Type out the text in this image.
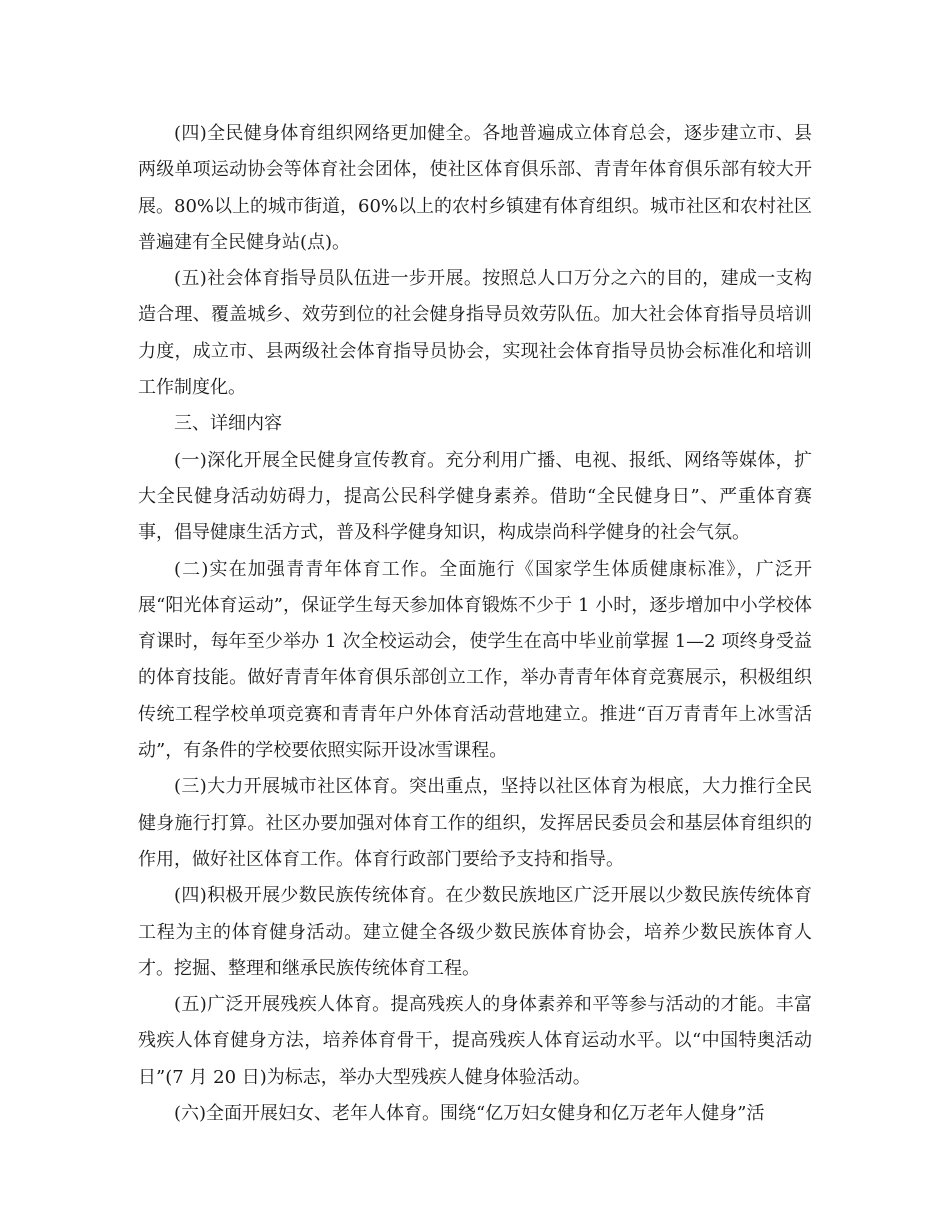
(四)全民健身体育组织网络更加健全。各地普遍成立体育总会，逐步建立市、县两级单项运动协会等体育社会团体，使社区体育俱乐部、青青年体育俱乐部有较大开展。80%以上的城市街道，60%以上的农村乡镇建有体育组织。城市社区和农村社区普遍建有全民健身站(点)。

(五)社会体育指导员队伍进一步开展。按照总人口万分之六的目的，建成一支构造合理、覆盖城乡、效劳到位的社会健身指导员效劳队伍。加大社会体育指导员培训力度，成立市、县两级社会体育指导员协会，实现社会体育指导员协会标准化和培训工作制度化。

三、详细内容

(一)深化开展全民健身宣传教育。充分利用广播、电视、报纸、网络等媒体，扩大全民健身活动妨碍力，提高公民科学健身素养。借助“全民健身日”、严重体育赛事，倡导健康生活方式，普及科学健身知识，构成崇尚科学健身的社会气氛。

(二)实在加强青青年体育工作。全面施行《国家学生体质健康标准》，广泛开展“阳光体育运动”，保证学生每天参加体育锻炼不少于 1 小时，逐步增加中小学校体育课时，每年至少举办 1 次全校运动会，使学生在高中毕业前掌握 1—2 项终身受益的体育技能。做好青青年体育俱乐部创立工作，举办青青年体育竞赛展示，积极组织传统工程学校单项竞赛和青青年户外体育活动营地建立。推进“百万青青年上冰雪活动”，有条件的学校要依照实际开设冰雪课程。

(三)大力开展城市社区体育。突出重点，坚持以社区体育为根底，大力推行全民健身施行打算。社区办要加强对体育工作的组织，发挥居民委员会和基层体育组织的作用，做好社区体育工作。体育行政部门要给予支持和指导。

(四)积极开展少数民族传统体育。在少数民族地区广泛开展以少数民族传统体育工程为主的体育健身活动。建立健全各级少数民族体育协会，培养少数民族体育人才。挖掘、整理和继承民族传统体育工程。

(五)广泛开展残疾人体育。提高残疾人的身体素养和平等参与活动的才能。丰富残疾人体育健身方法，培养体育骨干，提高残疾人体育运动水平。以“中国特奥活动日”(7 月 20 日)为标志，举办大型残疾人健身体验活动。

(六)全面开展妇女、老年人体育。围绕“亿万妇女健身和亿万老年人健身”活
